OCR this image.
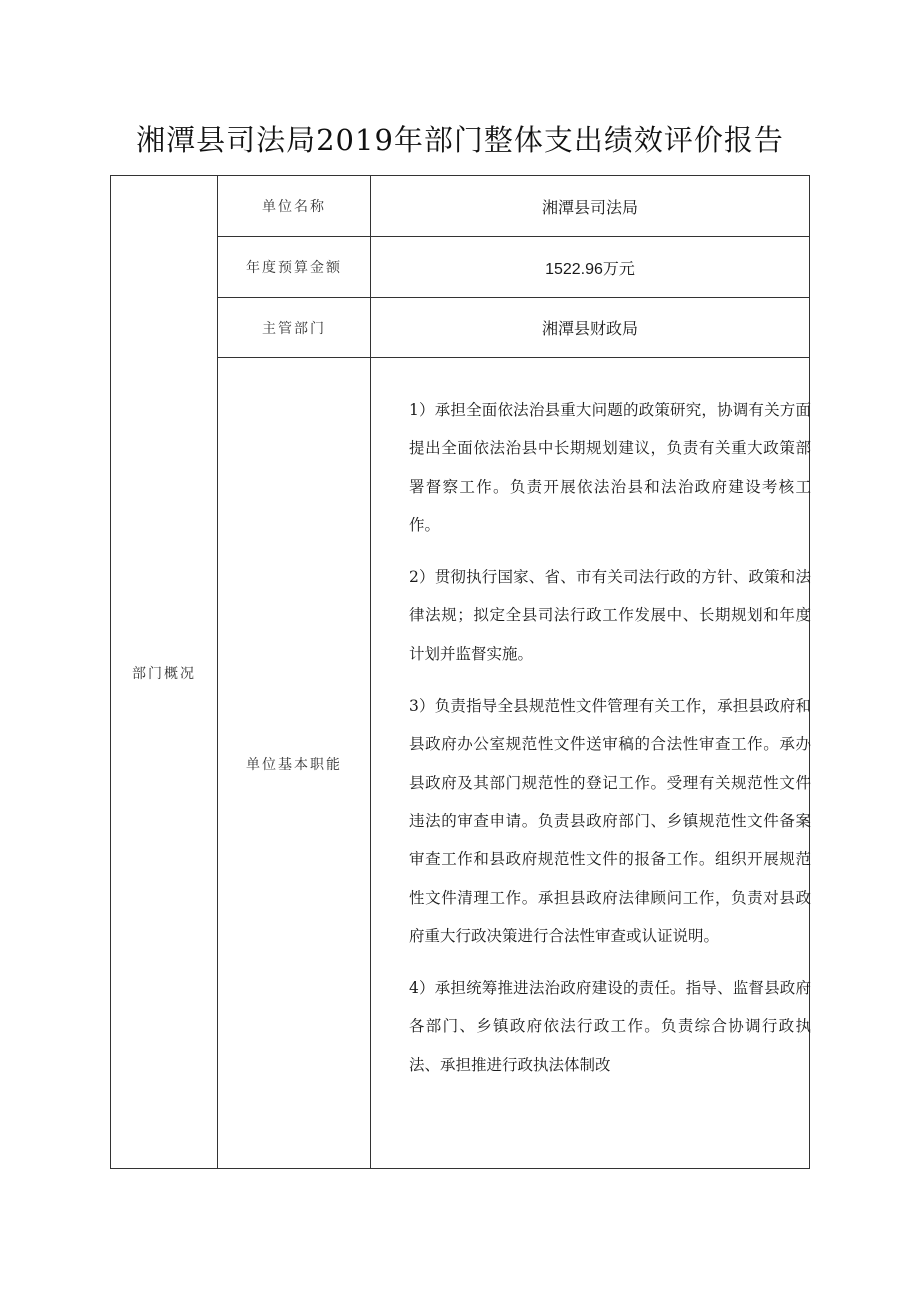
湘潭县司法局2019年部门整体支出绩效评价报告
部门概况
单位名称	湘潭县司法局
年度预算金额	1522.96万元
主管部门	湘潭县财政局
单位基本职能

1）承担全面依法治县重大问题的政策研究，协调有关方面提出全面依法治县中长期规划建议，负责有关重大政策部署督察工作。负责开展依法治县和法治政府建设考核工作。

2）贯彻执行国家、省、市有关司法行政的方针、政策和法律法规；拟定全县司法行政工作发展中、长期规划和年度计划并监督实施。

3）负责指导全县规范性文件管理有关工作，承担县政府和县政府办公室规范性文件送审稿的合法性审查工作。承办县政府及其部门规范性的登记工作。受理有关规范性文件违法的审查申请。负责县政府部门、乡镇规范性文件备案审查工作和县政府规范性文件的报备工作。组织开展规范性文件清理工作。承担县政府法律顾问工作，负责对县政府重大行政决策进行合法性审查或认证说明。

4）承担统筹推进法治政府建设的责任。指导、监督县政府各部门、乡镇政府依法行政工作。负责综合协调行政执法、承担推进行政执法体制改
